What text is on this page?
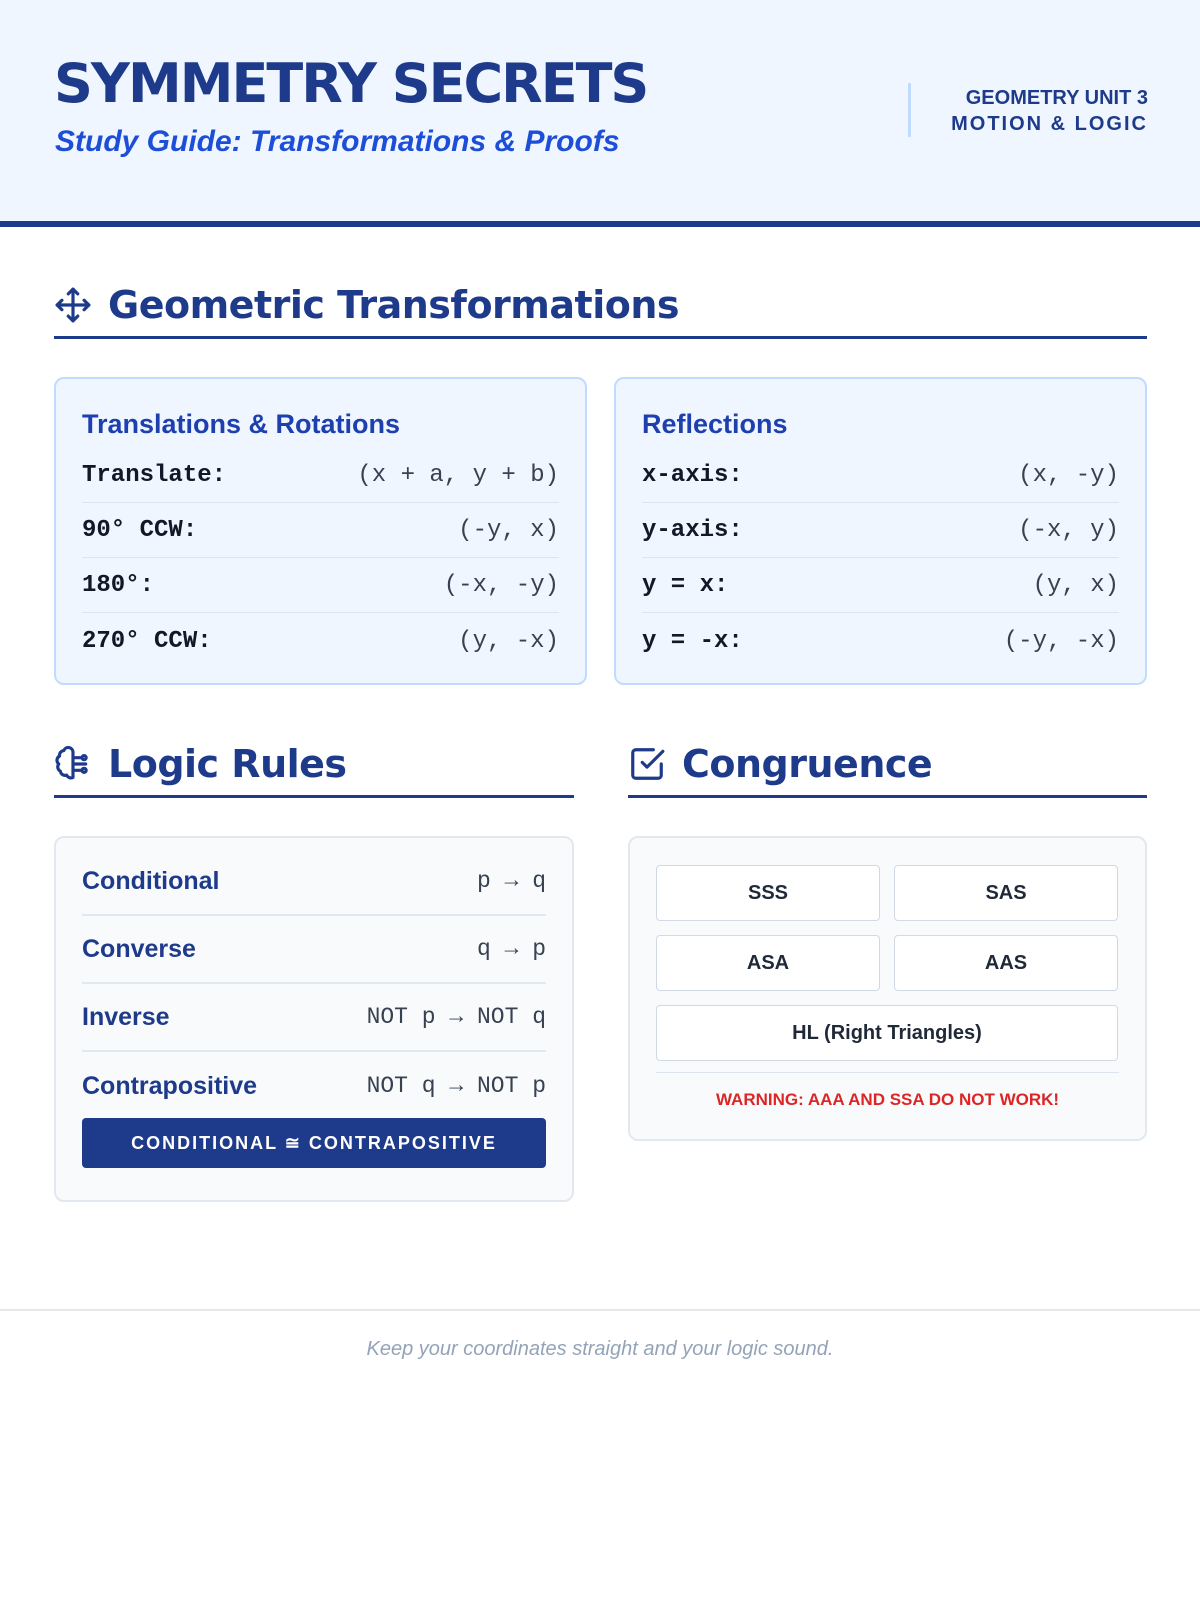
SYMMETRY SECRETS
Study Guide: Transformations & Proofs
GEOMETRY UNIT 3
MOTION & LOGIC
Geometric Transformations
Translations & Rotations
Translate:	(x + a, y + b)
90° CCW:	(-y, x)
180°:	(-x, -y)
270° CCW:	(y, -x)
Reflections
x-axis:	(x, -y)
y-axis:	(-x, y)
y = x:	(y, x)
y = -x:	(-y, -x)
Logic Rules
Conditional	p → q
Converse	q → p
Inverse	NOT p → NOT q
Contrapositive	NOT q → NOT p
CONDITIONAL ≅ CONTRAPOSITIVE
Congruence
SSS	SAS
ASA	AAS
HL (Right Triangles)
WARNING: AAA AND SSA DO NOT WORK!
Keep your coordinates straight and your logic sound.
